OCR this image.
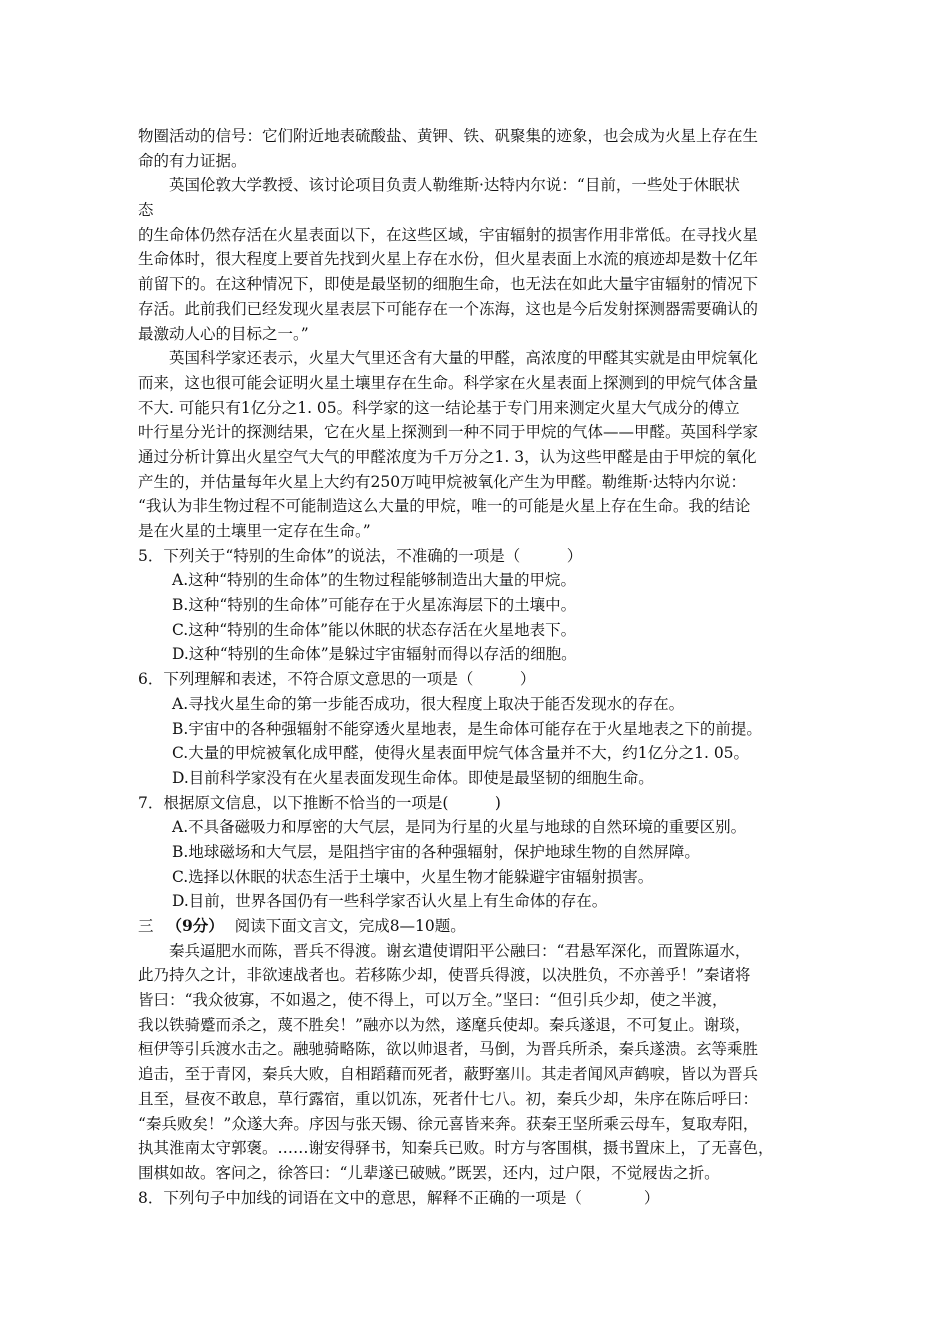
物圈活动的信号：它们附近地表硫酸盐、黄钾、铁、矾聚集的迹象，也会成为火星上存在生
命的有力证据。
英国伦敦大学教授、该讨论项目负责人勒维斯·达特内尔说：“目前，一些处于休眠状
态
的生命体仍然存活在火星表面以下，在这些区域，宇宙辐射的损害作用非常低。在寻找火星
生命体时，很大程度上要首先找到火星上存在水份，但火星表面上水流的痕迹却是数十亿年
前留下的。在这种情况下，即使是最坚韧的细胞生命，也无法在如此大量宇宙辐射的情况下
存活。此前我们已经发现火星表层下可能存在一个冻海，这也是今后发射探测器需要确认的
最激动人心的目标之一。”
英国科学家还表示，火星大气里还含有大量的甲醛，高浓度的甲醛其实就是由甲烷氧化
而来，这也很可能会证明火星土壤里存在生命。科学家在火星表面上探测到的甲烷气体含量
不大. 可能只有1亿分之1. 05。科学家的这一结论基于专门用来测定火星大气成分的傅立
叶行星分光计的探测结果，它在火星上探测到一种不同于甲烷的气体——甲醛。英国科学家
通过分析计算出火星空气大气的甲醛浓度为千万分之1. 3，认为这些甲醛是由于甲烷的氧化
产生的，并估量每年火星上大约有250万吨甲烷被氧化产生为甲醛。勒维斯·达特内尔说：
“我认为非生物过程不可能制造这么大量的甲烷，唯一的可能是火星上存在生命。我的结论
是在火星的土壤里一定存在生命。”
5．下列关于“特别的生命体”的说法，不准确的一项是（　　　）
A.这种“特别的生命体”的生物过程能够制造出大量的甲烷。
B.这种“特别的生命体”可能存在于火星冻海层下的土壤中。
C.这种“特别的生命体”能以休眠的状态存活在火星地表下。
D.这种“特别的生命体”是躲过宇宙辐射而得以存活的细胞。
6．下列理解和表述，不符合原文意思的一项是（　　　）
A.寻找火星生命的第一步能否成功，很大程度上取决于能否发现水的存在。
B.宇宙中的各种强辐射不能穿透火星地表，是生命体可能存在于火星地表之下的前提。
C.大量的甲烷被氧化成甲醛，使得火星表面甲烷气体含量并不大，约1亿分之1. 05。
D.目前科学家没有在火星表面发现生命体。即使是最坚韧的细胞生命。
7．根据原文信息，以下推断不恰当的一项是(　　　)
A.不具备磁吸力和厚密的大气层，是同为行星的火星与地球的自然环境的重要区别。
B.地球磁场和大气层，是阻挡宇宙的各种强辐射，保护地球生物的自然屏障。
C.选择以休眠的状态生活于土壤中，火星生物才能躲避宇宙辐射损害。
D.目前，世界各国仍有一些科学家否认火星上有生命体的存在。
三 （9分） 阅读下面文言文，完成8—10题。
秦兵逼肥水而陈，晋兵不得渡。谢玄遣使谓阳平公融曰：“君悬军深化，而置陈逼水，
此乃持久之计，非欲速战者也。若移陈少却，使晋兵得渡，以决胜负，不亦善乎！”秦诸将
皆曰：“我众彼寡，不如遏之，使不得上，可以万全。”坚曰：“但引兵少却，使之半渡，
我以铁骑蹙而杀之，蔑不胜矣！”融亦以为然，遂麾兵使却。秦兵遂退，不可复止。谢琰，
桓伊等引兵渡水击之。融驰骑略陈，欲以帅退者，马倒，为晋兵所杀，秦兵遂溃。玄等乘胜
追击，至于青冈，秦兵大败，自相蹈藉而死者，蔽野塞川。其走者闻风声鹤唳，皆以为晋兵
且至，昼夜不敢息，草行露宿，重以饥冻，死者什七八。初，秦兵少却，朱序在陈后呼曰：
“秦兵败矣！”众遂大奔。序因与张天锡、徐元喜皆来奔。获秦王坚所乘云母车，复取寿阳，
执其淮南太守郭褒。……谢安得驿书，知秦兵已败。时方与客围棋，摄书置床上，了无喜色，
围棋如故。客问之，徐答曰：“儿辈遂已破贼。”既罢，还内，过户限，不觉屐齿之折。
8．下列句子中加线的词语在文中的意思，解释不正确的一项是（　　　　）
